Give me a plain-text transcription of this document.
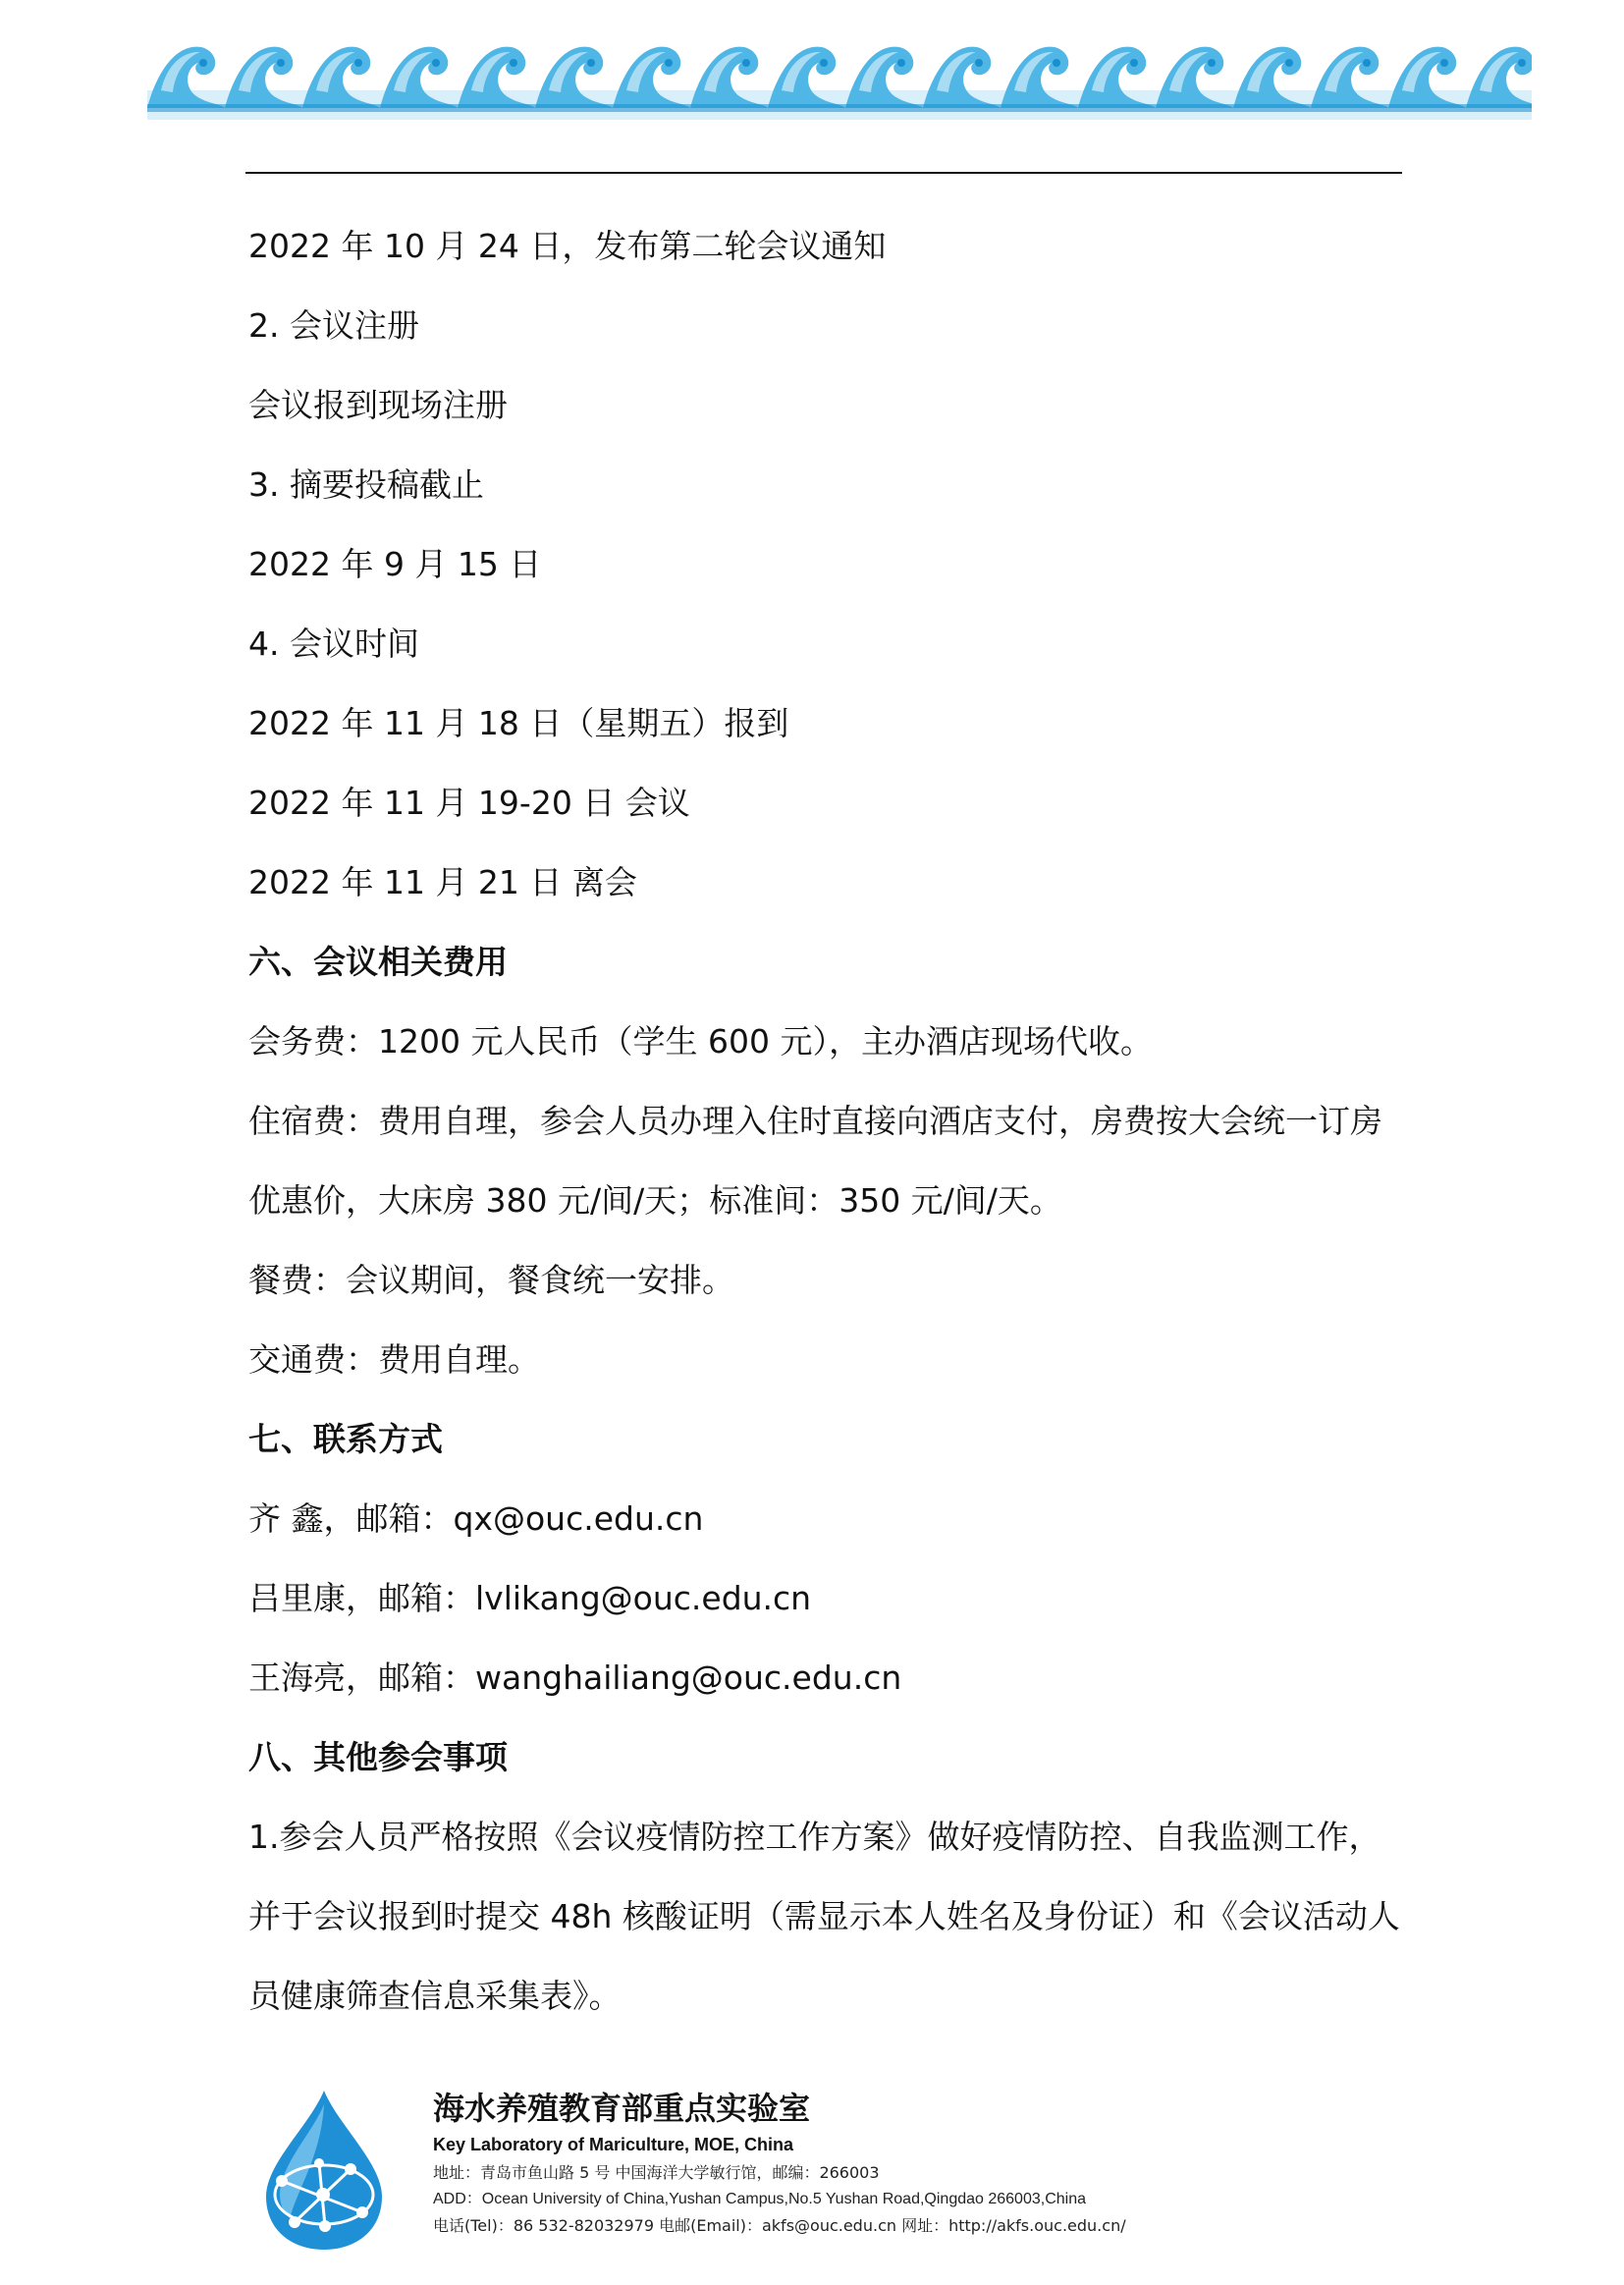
2022 年 10 月 24 日，发布第二轮会议通知
2. 会议注册
会议报到现场注册
3. 摘要投稿截止
2022 年 9 月 15 日
4. 会议时间
2022 年 11 月 18 日（星期五）报到
2022 年 11 月 19-20 日 会议
2022 年 11 月 21 日 离会
六、会议相关费用
会务费：1200 元人民币（学生 600 元），主办酒店现场代收。
住宿费：费用自理，参会人员办理入住时直接向酒店支付，房费按大会统一订房
优惠价，大床房 380 元/间/天；标准间：350 元/间/天。
餐费：会议期间，餐食统一安排。
交通费：费用自理。
七、联系方式
齐 鑫，邮箱：qx@ouc.edu.cn
吕里康，邮箱：lvlikang@ouc.edu.cn
王海亮，邮箱：wanghailiang@ouc.edu.cn
八、其他参会事项
1.参会人员严格按照《会议疫情防控工作方案》做好疫情防控、自我监测工作，
并于会议报到时提交 48h 核酸证明（需显示本人姓名及身份证）和《会议活动人
员健康筛查信息采集表》。
海水养殖教育部重点实验室
Key Laboratory of Mariculture, MOE, China
地址：青岛市鱼山路 5 号 中国海洋大学敏行馆，邮编：266003
ADD：Ocean University of China,Yushan Campus,No.5 Yushan Road,Qingdao 266003,China
电话(Tel)：86 532-82032979 电邮(Email)：akfs@ouc.edu.cn 网址：http://akfs.ouc.edu.cn/
